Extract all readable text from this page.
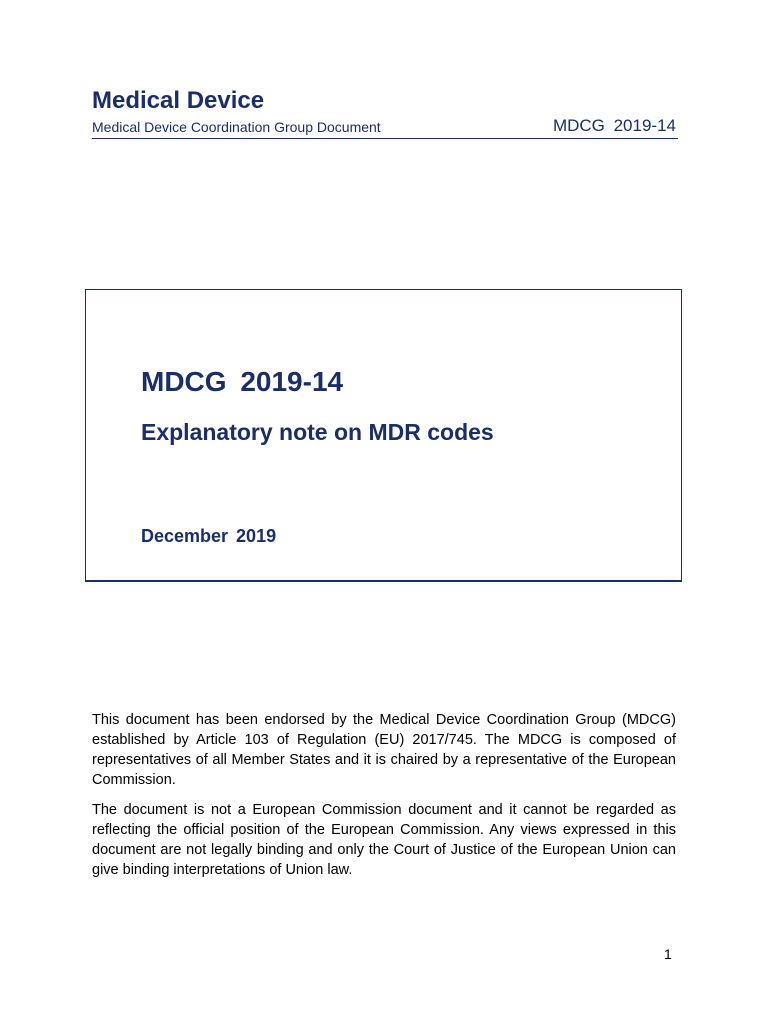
Medical Device
Medical Device Coordination Group Document	MDCG 2019-14
MDCG 2019-14
Explanatory note on MDR codes
December 2019

This document has been endorsed by the Medical Device Coordination Group (MDCG) established by Article 103 of Regulation (EU) 2017/745. The MDCG is composed of representatives of all Member States and it is chaired by a representative of the European Commission.

The document is not a European Commission document and it cannot be regarded as reflecting the official position of the European Commission. Any views expressed in this document are not legally binding and only the Court of Justice of the European Union can give binding interpretations of Union law.

1
